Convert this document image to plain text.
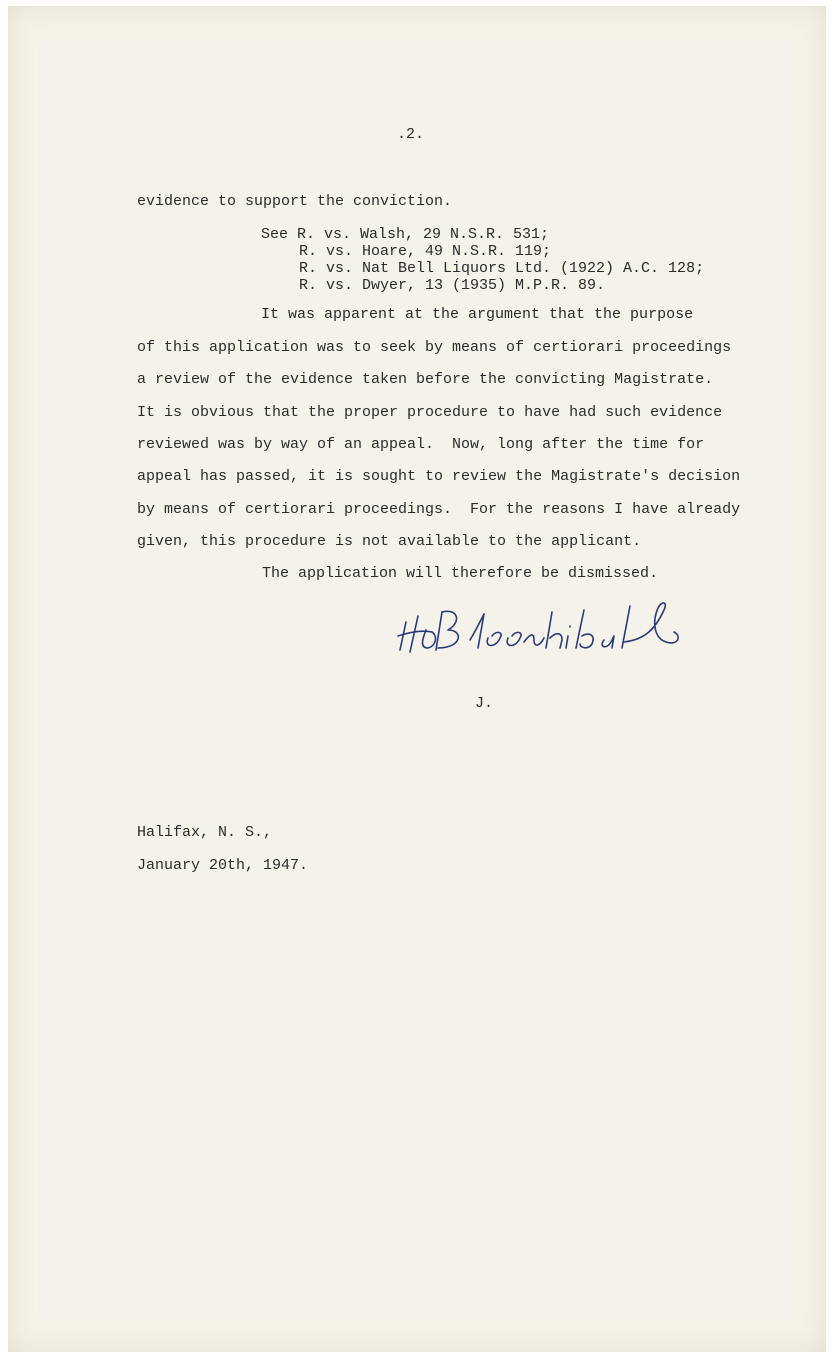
.2.
evidence to support the conviction.
See R. vs. Walsh, 29 N.S.R. 531;
R. vs. Hoare, 49 N.S.R. 119;
R. vs. Nat Bell Liquors Ltd. (1922) A.C. 128;
R. vs. Dwyer, 13 (1935) M.P.R. 89.
It was apparent at the argument that the purpose
of this application was to seek by means of certiorari proceedings
a review of the evidence taken before the convicting Magistrate.
It is obvious that the proper procedure to have had such evidence
reviewed was by way of an appeal.  Now, long after the time for
appeal has passed, it is sought to review the Magistrate's decision
by means of certiorari proceedings.  For the reasons I have already
given, this procedure is not available to the applicant.
The application will therefore be dismissed.
J.
Halifax, N. S.,
January 20th, 1947.
